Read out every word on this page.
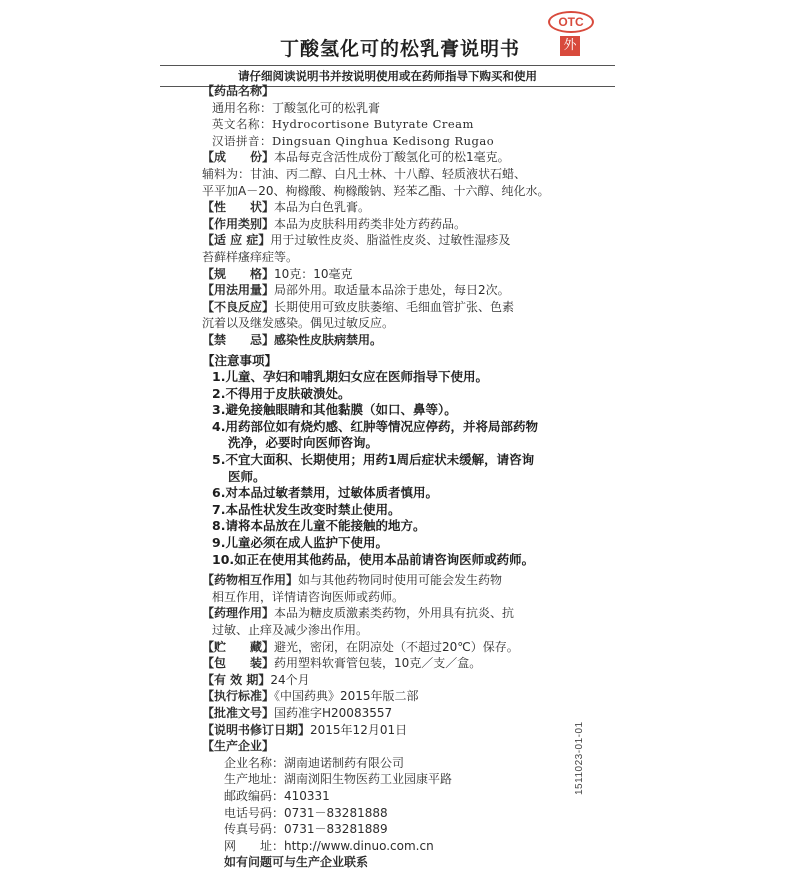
OTC
外
丁酸氢化可的松乳膏说明书
请仔细阅读说明书并按说明使用或在药师指导下购买和使用
【药品名称】
通用名称：丁酸氢化可的松乳膏
英文名称：Hydrocortisone Butyrate Cream
汉语拼音：Dingsuan Qinghua Kedisong Rugao
【成　　份】本品每克含活性成份丁酸氢化可的松1毫克。
辅料为：甘油、丙二醇、白凡士林、十八醇、轻质液状石蜡、
平平加A－20、枸橼酸、枸橼酸钠、羟苯乙酯、十六醇、纯化水。
【性　　状】本品为白色乳膏。
【作用类别】本品为皮肤科用药类非处方药药品。
【适 应 症】用于过敏性皮炎、脂溢性皮炎、过敏性湿疹及
苔藓样瘙痒症等。
【规　　格】10克：10毫克
【用法用量】局部外用。取适量本品涂于患处，每日2次。
【不良反应】长期使用可致皮肤萎缩、毛细血管扩张、色素
沉着以及继发感染。偶见过敏反应。
【禁　　忌】感染性皮肤病禁用。
【注意事项】
1.儿童、孕妇和哺乳期妇女应在医师指导下使用。
2.不得用于皮肤破溃处。
3.避免接触眼睛和其他黏膜（如口、鼻等）。
4.用药部位如有烧灼感、红肿等情况应停药，并将局部药物
洗净，必要时向医师咨询。
5.不宜大面积、长期使用；用药1周后症状未缓解，请咨询
医师。
6.对本品过敏者禁用，过敏体质者慎用。
7.本品性状发生改变时禁止使用。
8.请将本品放在儿童不能接触的地方。
9.儿童必须在成人监护下使用。
10.如正在使用其他药品，使用本品前请咨询医师或药师。
【药物相互作用】如与其他药物同时使用可能会发生药物
相互作用，详情请咨询医师或药师。
【药理作用】本品为糖皮质激素类药物，外用具有抗炎、抗
过敏、止痒及减少渗出作用。
【贮　　藏】避光，密闭，在阴凉处（不超过20℃）保存。
【包　　装】药用塑料软膏管包装，10克／支／盒。
【有 效 期】24个月
【执行标准】《中国药典》2015年版二部
【批准文号】国药准字H20083557
【说明书修订日期】2015年12月01日
【生产企业】
企业名称：湖南迪诺制药有限公司
生产地址：湖南浏阳生物医药工业园康平路
邮政编码：410331
电话号码：0731－83281888
传真号码：0731－83281889
网　　址：http://www.dinuo.com.cn
如有问题可与生产企业联系
1511023-01-01
